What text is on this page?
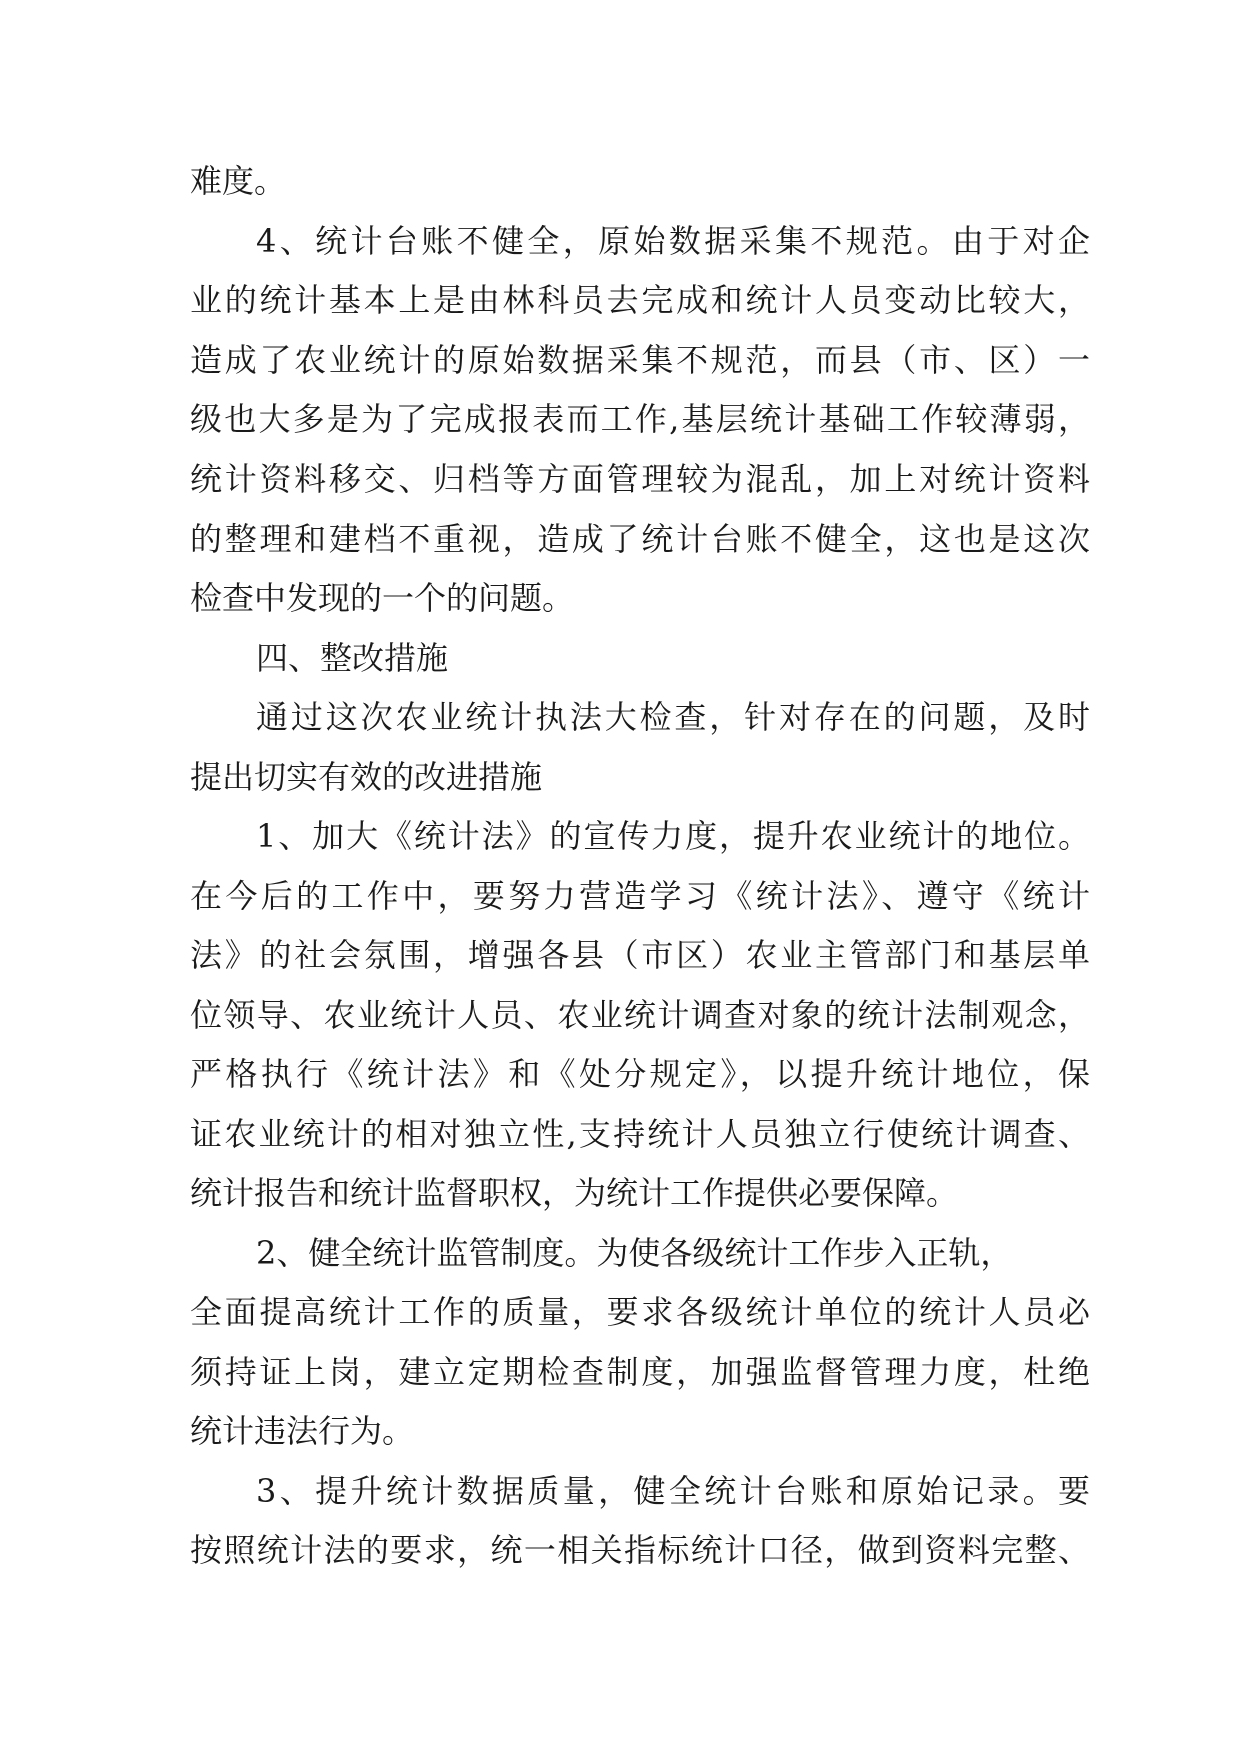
难度。
4、统计台账不健全，原始数据采集不规范。由于对企
业的统计基本上是由林科员去完成和统计人员变动比较大，
造成了农业统计的原始数据采集不规范，而县（市、区）一
级也大多是为了完成报表而工作,基层统计基础工作较薄弱，
统计资料移交、归档等方面管理较为混乱，加上对统计资料
的整理和建档不重视，造成了统计台账不健全，这也是这次
检查中发现的一个的问题。
四、整改措施
通过这次农业统计执法大检查，针对存在的问题，及时
提出切实有效的改进措施
1、加大《统计法》的宣传力度，提升农业统计的地位。
在今后的工作中，要努力营造学习《统计法》、遵守《统计
法》的社会氛围，增强各县（市区）农业主管部门和基层单
位领导、农业统计人员、农业统计调查对象的统计法制观念，
严格执行《统计法》和《处分规定》，以提升统计地位，保
证农业统计的相对独立性,支持统计人员独立行使统计调查、
统计报告和统计监督职权，为统计工作提供必要保障。
2、健全统计监管制度。为使各级统计工作步入正轨，
全面提高统计工作的质量，要求各级统计单位的统计人员必
须持证上岗，建立定期检查制度，加强监督管理力度，杜绝
统计违法行为。
3、提升统计数据质量，健全统计台账和原始记录。要
按照统计法的要求，统一相关指标统计口径，做到资料完整、
